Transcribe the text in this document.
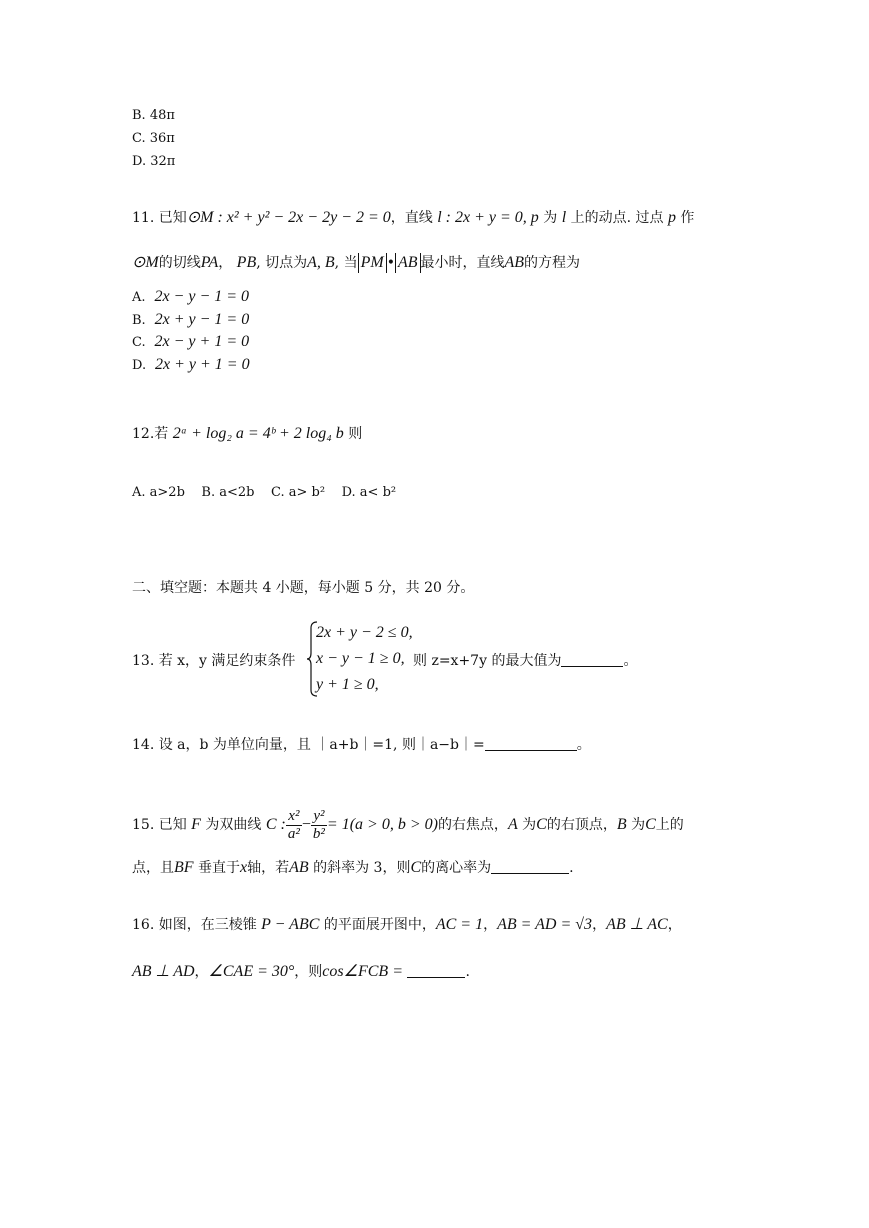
B. 48π
C. 36π
D. 32π
11. 已知⊙M : x² + y² − 2x − 2y − 2 = 0，直线 l : 2x + y = 0, p 为 l 上的动点. 过点 p 作
⊙M的切线PA， PB, 切点为A, B, 当 PM • AB 最小时，直线AB的方程为
A. 2x − y − 1 = 0
B. 2x + y − 1 = 0
C. 2x − y + 1 = 0
D. 2x + y + 1 = 0
12.若 2ᵃ + log₂ a = 4ᵇ + 2 log₄ b 则
A. a>2b    B. a<2b    C. a> b²    D. a< b²
二、填空题：本题共 4 小题，每小题 5 分，共 20 分。
13. 若 x，y 满足约束条件
2x + y − 2 ≤ 0,
x − y − 1 ≥ 0,
y + 1 ≥ 0,
则 z=x+7y 的最大值为	。
14. 设 a，b 为单位向量，且 ｜a+b｜=1, 则｜a−b｜=	。
15. 已知 F 为双曲线 C : $\frac{\text{x²}}{\text{a²}} - \frac{\text{y²}}{\text{b²}} = 1(a > 0$, b > 0)的右焦点，A 为C的右顶点，B 为C上的
点，且BF 垂直于x轴，若AB 的斜率为 3，则C的离心率为	.
16. 如图，在三棱锥 P − ABC 的平面展开图中，AC = 1，AB = AD = √3，AB ⊥ AC，
AB ⊥ AD，∠CAE = 30°，则cos∠FCB =	.
